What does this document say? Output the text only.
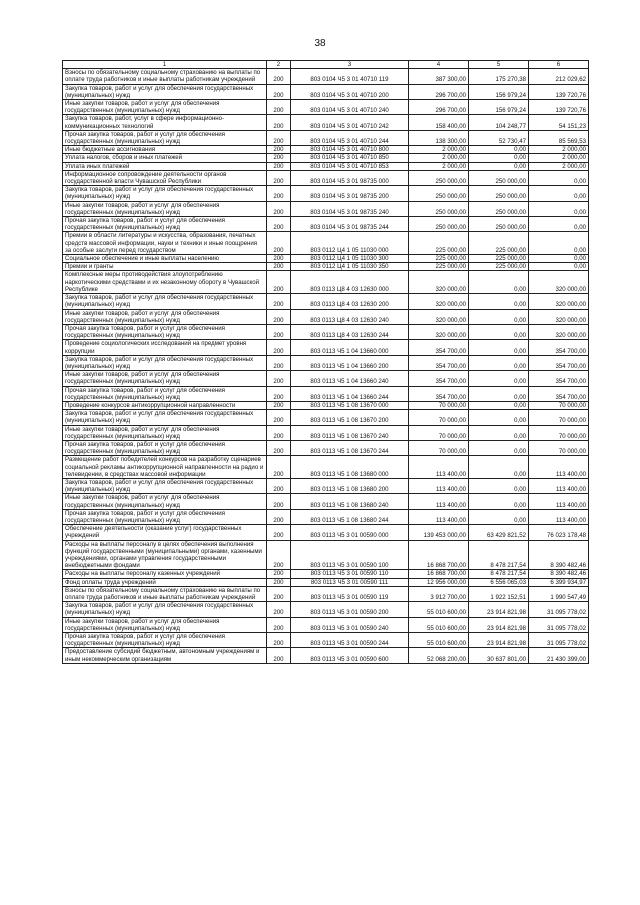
38
1	2	3	4	5	6
Взносы по обязательному социальному страхованию на выплаты по оплате труда работников и иные выплаты работникам учреждений	200	803 0104 Ч5 3 01 40710 119	387 300,00	175 270,38	212 029,62
Закупка товаров, работ и услуг для обеспечения государственных (муниципальных) нужд	200	803 0104 Ч5 3 01 40710 200	296 700,00	156 979,24	139 720,76
Иные закупки товаров, работ и услуг для обеспечения государственных (муниципальных) нужд	200	803 0104 Ч5 3 01 40710 240	296 700,00	156 979,24	139 720,76
Закупка товаров, работ, услуг в сфере информационно-коммуникационных технологий	200	803 0104 Ч5 3 01 40710 242	158 400,00	104 248,77	54 151,23
Прочая закупка товаров, работ и услуг для обеспечения государственных (муниципальных) нужд	200	803 0104 Ч5 3 01 40710 244	138 300,00	52 730,47	85 569,53
Иные бюджетные ассигнования	200	803 0104 Ч5 3 01 40710 800	2 000,00	0,00	2 000,00
Уплата налогов, сборов и иных платежей	200	803 0104 Ч5 3 01 40710 850	2 000,00	0,00	2 000,00
Уплата иных платежей	200	803 0104 Ч5 3 01 40710 853	2 000,00	0,00	2 000,00
Информационное сопровождение деятельности органов государственной власти Чувашской Республики	200	803 0104 Ч5 3 01 98735 000	250 000,00	250 000,00	0,00
Закупка товаров, работ и услуг для обеспечения государственных (муниципальных) нужд	200	803 0104 Ч5 3 01 98735 200	250 000,00	250 000,00	0,00
Иные закупки товаров, работ и услуг для обеспечения государственных (муниципальных) нужд	200	803 0104 Ч5 3 01 98735 240	250 000,00	250 000,00	0,00
Прочая закупка товаров, работ и услуг для обеспечения государственных (муниципальных) нужд	200	803 0104 Ч5 3 01 98735 244	250 000,00	250 000,00	0,00
Премии в области литературы и искусства, образования, печатных средств массовой информации, науки и техники и иные поощрения за особые заслуги перед государством	200	803 0112 Ц4 1 05 11030 000	225 000,00	225 000,00	0,00
Социальное обеспечение и иные выплаты населению	200	803 0112 Ц4 1 05 11030 300	225 000,00	225 000,00	0,00
Премии и гранты	200	803 0112 Ц4 1 05 11030 350	225 000,00	225 000,00	0,00
Комплексные меры противодействия злоупотреблению наркотическими средствами и их незаконному обороту в Чувашской Республике	200	803 0113 Ц8 4 03 12630 000	320 000,00	0,00	320 000,00
Закупка товаров, работ и услуг для обеспечения государственных (муниципальных) нужд	200	803 0113 Ц8 4 03 12630 200	320 000,00	0,00	320 000,00
Иные закупки товаров, работ и услуг для обеспечения государственных (муниципальных) нужд	200	803 0113 Ц8 4 03 12630 240	320 000,00	0,00	320 000,00
Прочая закупка товаров, работ и услуг для обеспечения государственных (муниципальных) нужд	200	803 0113 Ц8 4 03 12630 244	320 000,00	0,00	320 000,00
Проведение социологических исследований на предмет уровня коррупции	200	803 0113 Ч5 1 04 13660 000	354 700,00	0,00	354 700,00
Закупка товаров, работ и услуг для обеспечения государственных (муниципальных) нужд	200	803 0113 Ч5 1 04 13660 200	354 700,00	0,00	354 700,00
Иные закупки товаров, работ и услуг для обеспечения государственных (муниципальных) нужд	200	803 0113 Ч5 1 04 13660 240	354 700,00	0,00	354 700,00
Прочая закупка товаров, работ и услуг для обеспечения государственных (муниципальных) нужд	200	803 0113 Ч5 1 04 13660 244	354 700,00	0,00	354 700,00
Проведение конкурсов антикоррупционной направленности	200	803 0113 Ч5 1 08 13670 000	70 000,00	0,00	70 000,00
Закупка товаров, работ и услуг для обеспечения государственных (муниципальных) нужд	200	803 0113 Ч5 1 08 13670 200	70 000,00	0,00	70 000,00
Иные закупки товаров, работ и услуг для обеспечения государственных (муниципальных) нужд	200	803 0113 Ч5 1 08 13670 240	70 000,00	0,00	70 000,00
Прочая закупка товаров, работ и услуг для обеспечения государственных (муниципальных) нужд	200	803 0113 Ч5 1 08 13670 244	70 000,00	0,00	70 000,00
Размещение работ победителей конкурсов на разработку сценариев социальной рекламы антикоррупционной направленности на радио и телевидении, в средствах массовой информации	200	803 0113 Ч5 1 08 13680 000	113 400,00	0,00	113 400,00
Закупка товаров, работ и услуг для обеспечения государственных (муниципальных) нужд	200	803 0113 Ч5 1 08 13680 200	113 400,00	0,00	113 400,00
Иные закупки товаров, работ и услуг для обеспечения государственных (муниципальных) нужд	200	803 0113 Ч5 1 08 13680 240	113 400,00	0,00	113 400,00
Прочая закупка товаров, работ и услуг для обеспечения государственных (муниципальных) нужд	200	803 0113 Ч5 1 08 13680 244	113 400,00	0,00	113 400,00
Обеспечение деятельности (оказание услуг) государственных учреждений	200	803 0113 Ч5 3 01 00590 000	139 453 000,00	63 429 821,52	76 023 178,48
Расходы на выплаты персоналу в целях обеспечения выполнения функций государственными (муниципальными) органами, казенными учреждениями, органами управления государственными внебюджетными фондами	200	803 0113 Ч5 3 01 00590 100	16 868 700,00	8 478 217,54	8 390 482,46
Расходы на выплаты персоналу казенных учреждений	200	803 0113 Ч5 3 01 00590 110	16 868 700,00	8 478 217,54	8 390 482,46
Фонд оплаты труда учреждений	200	803 0113 Ч5 3 01 00590 111	12 956 000,00	6 556 065,03	6 399 934,97
Взносы по обязательному социальному страхованию на выплаты по оплате труда работников и иные выплаты работникам учреждений	200	803 0113 Ч5 3 01 00590 119	3 912 700,00	1 922 152,51	1 990 547,49
Закупка товаров, работ и услуг для обеспечения государственных (муниципальных) нужд	200	803 0113 Ч5 3 01 00590 200	55 010 600,00	23 914 821,98	31 095 778,02
Иные закупки товаров, работ и услуг для обеспечения государственных (муниципальных) нужд	200	803 0113 Ч5 3 01 00590 240	55 010 600,00	23 914 821,98	31 095 778,02
Прочая закупка товаров, работ и услуг для обеспечения государственных (муниципальных) нужд	200	803 0113 Ч5 3 01 00590 244	55 010 600,00	23 914 821,98	31 095 778,02
Предоставление субсидий бюджетным, автономным учреждениям и иным некоммерческим организациям	200	803 0113 Ч5 3 01 00590 600	52 068 200,00	30 637 801,00	21 430 399,00
